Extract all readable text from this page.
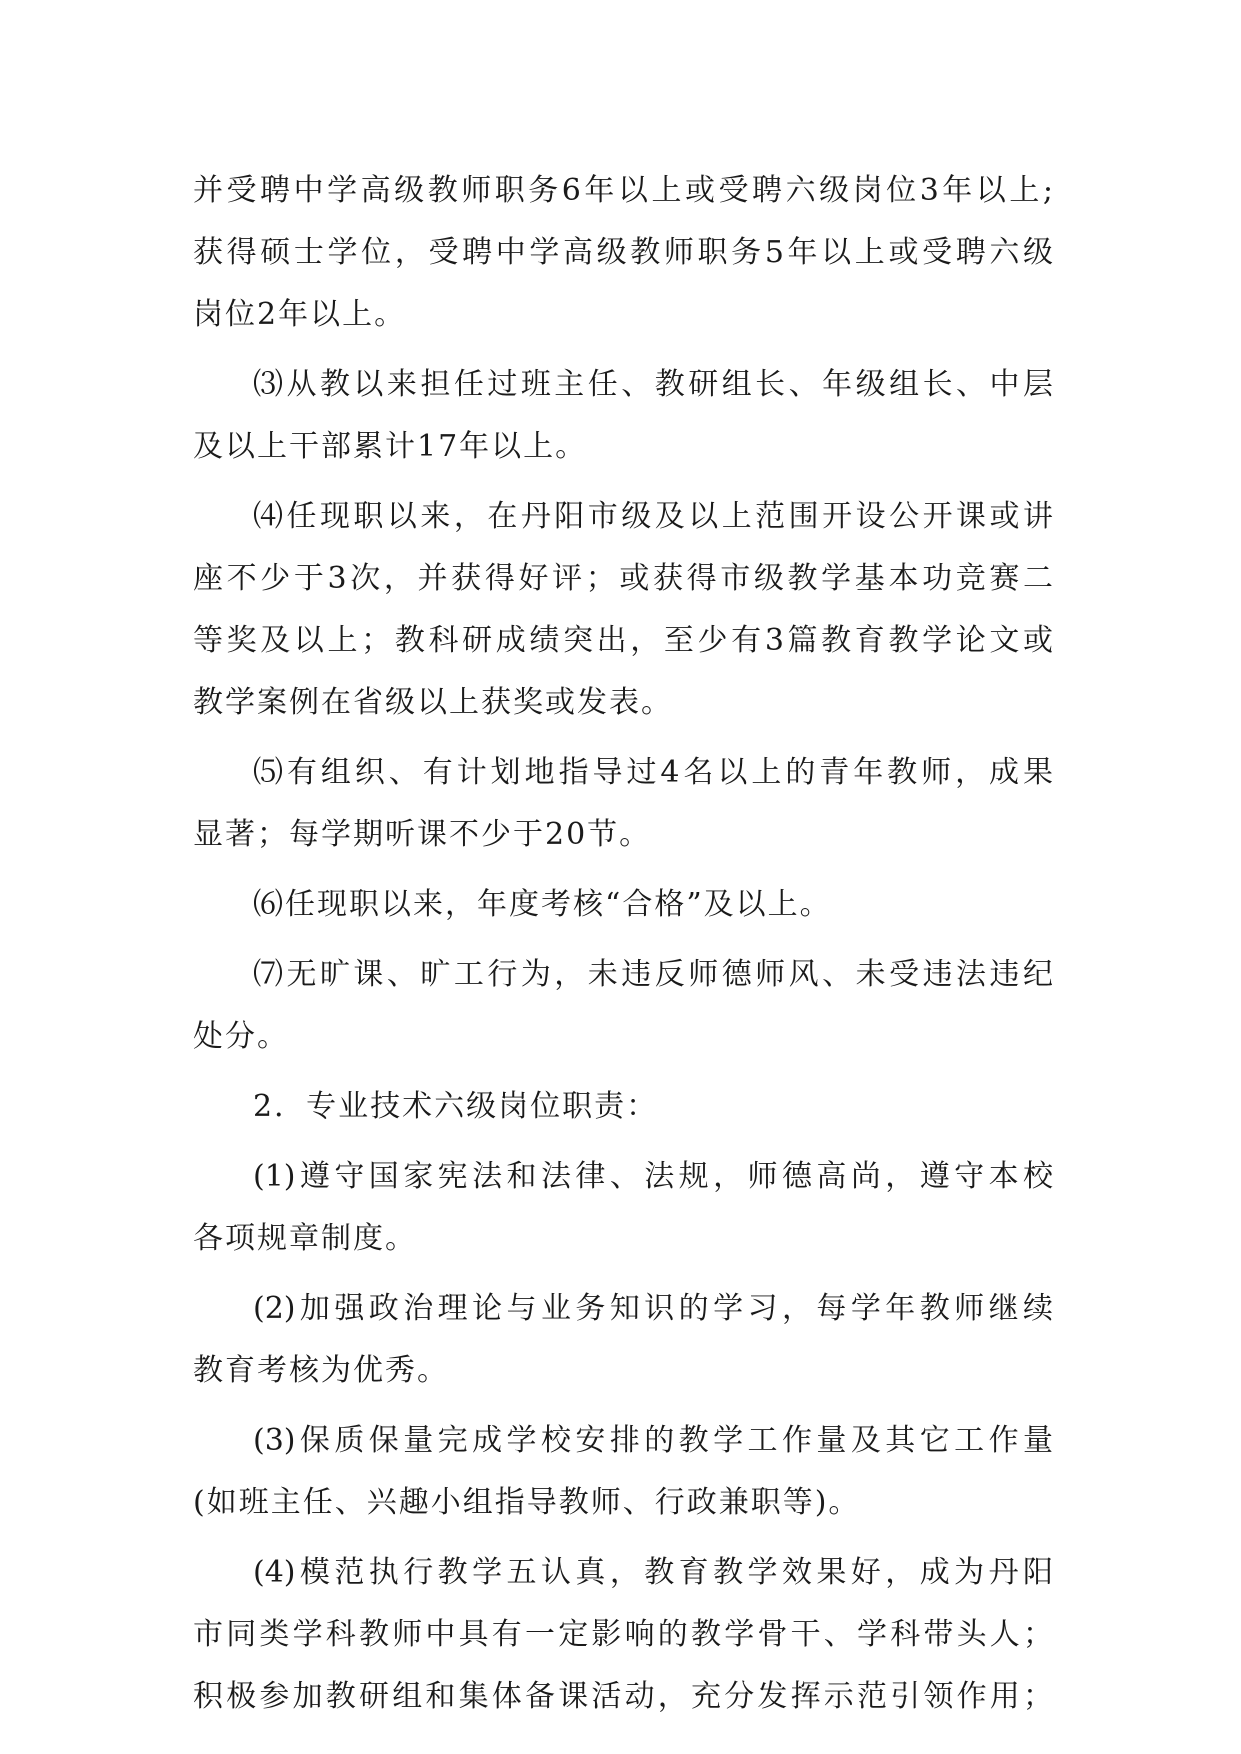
并受聘中学高级教师职务6年以上或受聘六级岗位3年以上;
获得硕士学位，受聘中学高级教师职务5年以上或受聘六级
岗位2年以上。
⑶从教以来担任过班主任、教研组长、年级组长、中层
及以上干部累计17年以上。
⑷任现职以来，在丹阳市级及以上范围开设公开课或讲
座不少于3次，并获得好评；或获得市级教学基本功竞赛二
等奖及以上；教科研成绩突出，至少有3篇教育教学论文或
教学案例在省级以上获奖或发表。
⑸有组织、有计划地指导过4名以上的青年教师，成果
显著；每学期听课不少于20节。
⑹任现职以来，年度考核“合格”及以上。
⑺无旷课、旷工行为，未违反师德师风、未受违法违纪
处分。
2．专业技术六级岗位职责：
(1)遵守国家宪法和法律、法规，师德高尚，遵守本校
各项规章制度。
(2)加强政治理论与业务知识的学习，每学年教师继续
教育考核为优秀。
(3)保质保量完成学校安排的教学工作量及其它工作量
(如班主任、兴趣小组指导教师、行政兼职等)。
(4)模范执行教学五认真，教育教学效果好，成为丹阳
市同类学科教师中具有一定影响的教学骨干、学科带头人；
积极参加教研组和集体备课活动，充分发挥示范引领作用；
